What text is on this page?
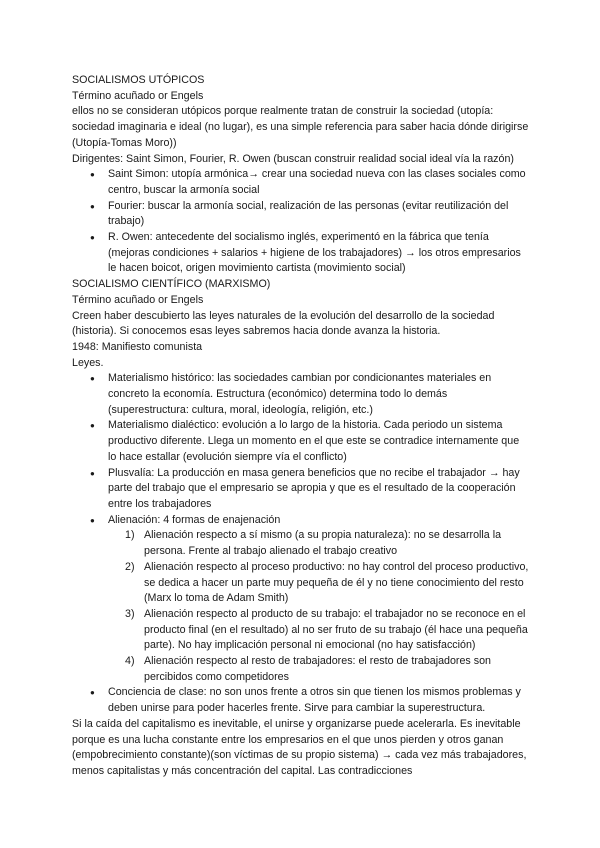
SOCIALISMOS UTÓPICOS

Término acuñado or Engels

ellos no se consideran utópicos porque realmente tratan de construir la sociedad (utopía: sociedad imaginaria e ideal (no lugar), es una simple referencia para saber hacia dónde dirigirse (Utopía-Tomas Moro))

Dirigentes: Saint Simon, Fourier, R. Owen (buscan construir realidad social ideal vía la razón)

● Saint Simon: utopía armónica→ crear una sociedad nueva con las clases sociales como centro, buscar la armonía social
● Fourier: buscar la armonía social, realización de las personas (evitar reutilización del trabajo)
● R. Owen: antecedente del socialismo inglés, experimentó en la fábrica que tenía (mejoras condiciones + salarios + higiene de los trabajadores) → los otros empresarios le hacen boicot, origen movimiento cartista (movimiento social)

SOCIALISMO CIENTÍFICO (MARXISMO)

Término acuñado or Engels

Creen haber descubierto las leyes naturales de la evolución del desarrollo de la sociedad (historia). Si conocemos esas leyes sabremos hacia donde avanza la historia.

1948: Manifiesto comunista

Leyes.

● Materialismo histórico: las sociedades cambian por condicionantes materiales en concreto la economía. Estructura (económico) determina todo lo demás (superestructura: cultura, moral, ideología, religión, etc.)
● Materialismo dialéctico: evolución a lo largo de la historia. Cada periodo un sistema productivo diferente. Llega un momento en el que este se contradice internamente que lo hace estallar (evolución siempre vía el conflicto)
● Plusvalía: La producción en masa genera beneficios que no recibe el trabajador → hay parte del trabajo que el empresario se apropia y que es el resultado de la cooperación entre los trabajadores
● Alienación: 4 formas de enajenación
1) Alienación respecto a sí mismo (a su propia naturaleza): no se desarrolla la persona. Frente al trabajo alienado el trabajo creativo
2) Alienación respecto al proceso productivo: no hay control del proceso productivo, se dedica a hacer un parte muy pequeña de él y no tiene conocimiento del resto (Marx lo toma de Adam Smith)
3) Alienación respecto al producto de su trabajo: el trabajador no se reconoce en el producto final (en el resultado) al no ser fruto de su trabajo (él hace una pequeña parte). No hay implicación personal ni emocional (no hay satisfacción)
4) Alienación respecto al resto de trabajadores: el resto de trabajadores son percibidos como competidores
● Conciencia de clase: no son unos frente a otros sin que tienen los mismos problemas y deben unirse para poder hacerles frente. Sirve para cambiar la superestructura.

Si la caída del capitalismo es inevitable, el unirse y organizarse puede acelerarla. Es inevitable porque es una lucha constante entre los empresarios en el que unos pierden y otros ganan (empobrecimiento constante)(son víctimas de su propio sistema) → cada vez más trabajadores, menos capitalistas y más concentración del capital. Las contradicciones
